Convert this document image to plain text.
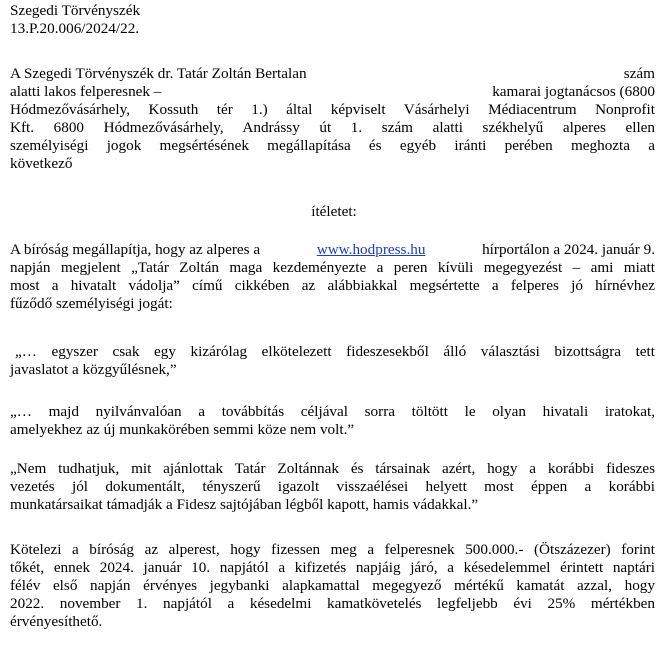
Szegedi Törvényszék
13.P.20.006/2024/22.
A Szegedi Törvényszék dr. Tatár Zoltán Bertalan	szám
alatti lakos felperesnek –	kamarai jogtanácsos (6800
Hódmezővásárhely, Kossuth tér 1.) által képviselt Vásárhelyi Médiacentrum Nonprofit
Kft. 6800 Hódmezővásárhely, Andrássy út 1. szám alatti székhelyű alperes ellen
személyiségi jogok megsértésének megállapítása és egyéb iránti perében meghozta a
következő
ítéletet:
A bíróság megállapítja, hogy az alperes a	www.hodpress.hu	hírportálon a 2024. január 9.
napján megjelent „Tatár Zoltán maga kezdeményezte a peren kívüli megegyezést – ami miatt
most a hivatalt vádolja” című cikkében az alábbiakkal megsértette a felperes jó hírnévhez
fűződő személyiségi jogát:
„… egyszer csak egy kizárólag elkötelezett fideszesekből álló választási bizottságra tett
javaslatot a közgyűlésnek,”
„… majd nyilvánvalóan a továbbítás céljával sorra töltött le olyan hivatali iratokat,
amelyekhez az új munkakörében semmi köze nem volt.”
„Nem tudhatjuk, mit ajánlottak Tatár Zoltánnak és társainak azért, hogy a korábbi fideszes
vezetés jól dokumentált, tényszerű igazolt visszaélései helyett most éppen a korábbi
munkatársaikat támadják a Fidesz sajtójában légből kapott, hamis vádakkal.”
Kötelezi a bíróság az alperest, hogy fizessen meg a felperesnek 500.000.- (Ötszázezer) forint
tőkét, ennek 2024. január 10. napjától a kifizetés napjáig járó, a késedelemmel érintett naptári
félév első napján érvényes jegybanki alapkamattal megegyező mértékű kamatát azzal, hogy
2022. november 1. napjától a késedelmi kamatkövetelés legfeljebb évi 25% mértékben
érvényesíthető.
